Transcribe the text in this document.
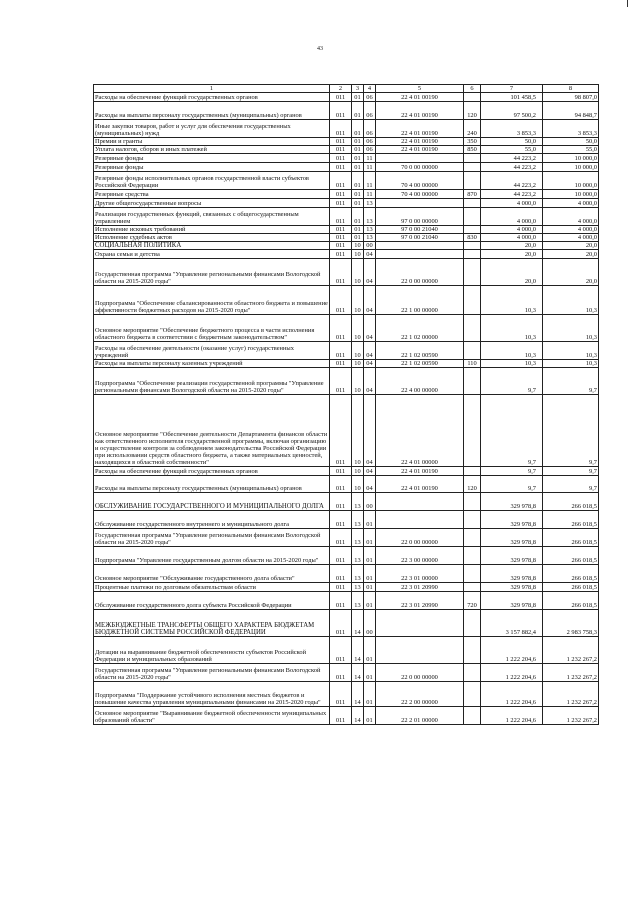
43
1	2	3	4	5	6	7	8
Расходы на обеспечение функций государственных органов	011	01	06	22 4 01 00190		101 458,5	98 807,0
Расходы на выплаты персоналу государственных (муниципальных) органов	011	01	06	22 4 01 00190	120	97 500,2	94 848,7
Иные закупки товаров, работ и услуг для обеспечения государственных (муниципальных) нужд	011	01	06	22 4 01 00190	240	3 853,3	3 853,3
Премии и гранты	011	01	06	22 4 01 00190	350	50,0	50,0
Уплата налогов, сборов и иных платежей	011	01	06	22 4 01 00190	850	55,0	55,0
Резервные фонды	011	01	11			44 223,2	10 000,0
Резервные фонды	011	01	11	70 0 00 00000		44 223,2	10 000,0
Резервные фонды исполнительных органов государственной власти субъектов Российской Федерации	011	01	11	70 4 00 00000		44 223,2	10 000,0
Резервные средства	011	01	11	70 4 00 00000	870	44 223,2	10 000,0
Другие общегосударственные вопросы	011	01	13			4 000,0	4 000,0
Реализация государственных функций, связанных с общегосударственным управлением	011	01	13	97 0 00 00000		4 000,0	4 000,0
Исполнение исковых требований	011	01	13	97 0 00 21040		4 000,0	4 000,0
Исполнение судебных актов	011	01	13	97 0 00 21040	830	4 000,0	4 000,0
СОЦИАЛЬНАЯ ПОЛИТИКА	011	10	00			20,0	20,0
Охрана семьи и детства	011	10	04			20,0	20,0
Государственная программа "Управление региональными финансами Вологодской области на 2015-2020 годы"	011	10	04	22 0 00 00000		20,0	20,0
Подпрограмма "Обеспечение сбалансированности областного бюджета и повышение эффективности бюджетных расходов на 2015-2020 годы"	011	10	04	22 1 00 00000		10,3	10,3
Основное мероприятие "Обеспечение бюджетного процесса в части исполнения областного бюджета в соответствии с бюджетным законодательством"	011	10	04	22 1 02 00000		10,3	10,3
Расходы на обеспечение деятельности (оказание услуг) государственных учреждений	011	10	04	22 1 02 00590		10,3	10,3
Расходы на выплаты персоналу казенных учреждений	011	10	04	22 1 02 00590	110	10,3	10,3
Подпрограмма "Обеспечение реализации государственной программы "Управление региональными финансами Вологодской области на 2015-2020 годы"	011	10	04	22 4 00 00000		9,7	9,7
Основное мероприятие "Обеспечение деятельности Департамента финансов области как ответственного исполнителя государственной программы, включая организацию и осуществление контроля за соблюдением законодательства Российской Федерации при использовании средств областного бюджета, а также материальных ценностей, находящихся в областной собственности"	011	10	04	22 4 01 00000		9,7	9,7
Расходы на обеспечение функций государственных органов	011	10	04	22 4 01 00190		9,7	9,7
Расходы на выплаты персоналу государственных (муниципальных) органов	011	10	04	22 4 01 00190	120	9,7	9,7
ОБСЛУЖИВАНИЕ ГОСУДАРСТВЕННОГО И МУНИЦИПАЛЬНОГО ДОЛГА	011	13	00			329 978,8	266 018,5
Обслуживание государственного внутреннего и муниципального долга	011	13	01			329 978,8	266 018,5
Государственная программа "Управление региональными финансами Вологодской области на 2015-2020 годы"	011	13	01	22 0 00 00000		329 978,8	266 018,5
Подпрограмма "Управление государственным долгом области на 2015-2020 годы"	011	13	01	22 3 00 00000		329 978,8	266 018,5
Основное мероприятие "Обслуживание государственного долга области"	011	13	01	22 3 01 00000		329 978,8	266 018,5
Процентные платежи по долговым обязательствам области	011	13	01	22 3 01 20990		329 978,8	266 018,5
Обслуживание государственного долга субъекта Российской Федерации	011	13	01	22 3 01 20990	720	329 978,8	266 018,5
МЕЖБЮДЖЕТНЫЕ ТРАНСФЕРТЫ ОБЩЕГО ХАРАКТЕРА БЮДЖЕТАМ БЮДЖЕТНОЙ СИСТЕМЫ РОССИЙСКОЙ ФЕДЕРАЦИИ	011	14	00			3 157 882,4	2 983 758,3
Дотации на выравнивание бюджетной обеспеченности субъектов Российской Федерации и муниципальных образований	011	14	01			1 222 204,6	1 232 267,2
Государственная программа "Управление региональными финансами Вологодской области на 2015-2020 годы"	011	14	01	22 0 00 00000		1 222 204,6	1 232 267,2
Подпрограмма "Поддержание устойчивого исполнения местных бюджетов и повышение качества управления муниципальными финансами на 2015-2020 годы"	011	14	01	22 2 00 00000		1 222 204,6	1 232 267,2
Основное мероприятие "Выравнивание бюджетной обеспеченности муниципальных образований области"	011	14	01	22 2 01 00000		1 222 204,6	1 232 267,2
